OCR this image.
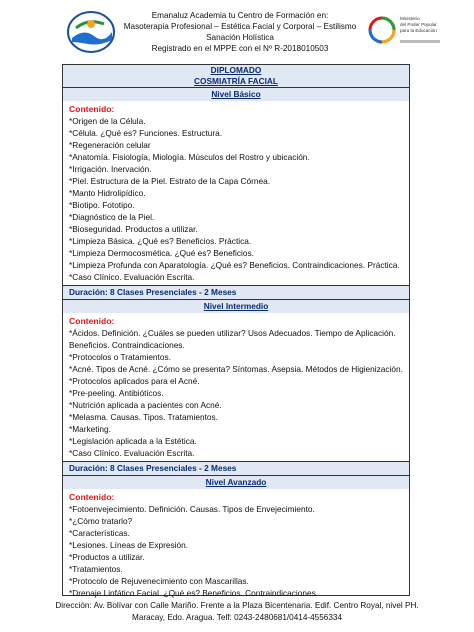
Emanaluz Academia tu Centro de Formación en:
Masoterapia Profesional – Estética Facial y Corporal – Estilismo
Sanación Holística
Registrado en el MPPE con el Nº R-2018010503
Ministerio
del Poder Popular
para la Educación
DIPLOMADO
COSMIATRÍA FACIAL
Nivel Básico
Contenido:
*Origen de la Célula.
*Célula. ¿Qué es? Funciones. Estructura.
*Regeneración celular
*Anatomía. Fisiología, Miología. Músculos del Rostro y ubicación.
*Irrigación. Inervación.
*Piel. Estructura de la Piel. Estrato de la Capa Córnea.
*Manto Hidrolipídico.
*Biotipo. Fototipo.
*Diagnóstico de la Piel.
*Bioseguridad. Productos a utilizar.
*Limpieza Básica. ¿Qué es? Beneficios. Práctica.
*Limpieza Dermocosmética. ¿Qué es? Beneficios.
*Limpieza Profunda con Aparatología. ¿Qué es? Beneficios. Contraindicaciones. Práctica.
*Caso Clínico. Evaluación Escrita.
Duración: 8 Clases Presenciales - 2 Meses
Nivel Intermedio
Contenido:
*Ácidos. Definición. ¿Cuáles se pueden utilizar? Usos Adecuados. Tiempo de Aplicación. Beneficios. Contraindicaciones.
*Protocolos o Tratamientos.
*Acné. Tipos de Acné. ¿Cómo se presenta? Síntomas. Asepsia. Métodos de Higienización.
*Protocolos aplicados para el Acné.
*Pre-peeling. Antibióticos.
*Nutrición aplicada a pacientes con Acné.
*Melasma. Causas. Tipos. Tratamientos.
*Marketing.
*Legislación aplicada a la Estética.
*Caso Clínico. Evaluación Escrita.
Duración: 8 Clases Presenciales - 2 Meses
Nivel Avanzado
Contenido:
*Fotoenvejecimiento. Definición. Causas. Tipos de Envejecimiento.
*¿Cómo tratarlo?
*Características.
*Lesiones. Líneas de Expresión.
*Productos a utilizar.
*Tratamientos.
*Protocolo de Rejuvenecimiento con Mascarillas.
*Drenaje Linfático Facial. ¿Qué es? Beneficios. Contraindicaciones.
Dirección: Av. Bolívar con Calle Mariño. Frente a la Plaza Bicentenaria. Edif. Centro Royal, nivel PH.
Maracay, Edo. Aragua. Telf: 0243-2480681/0414-4556334
